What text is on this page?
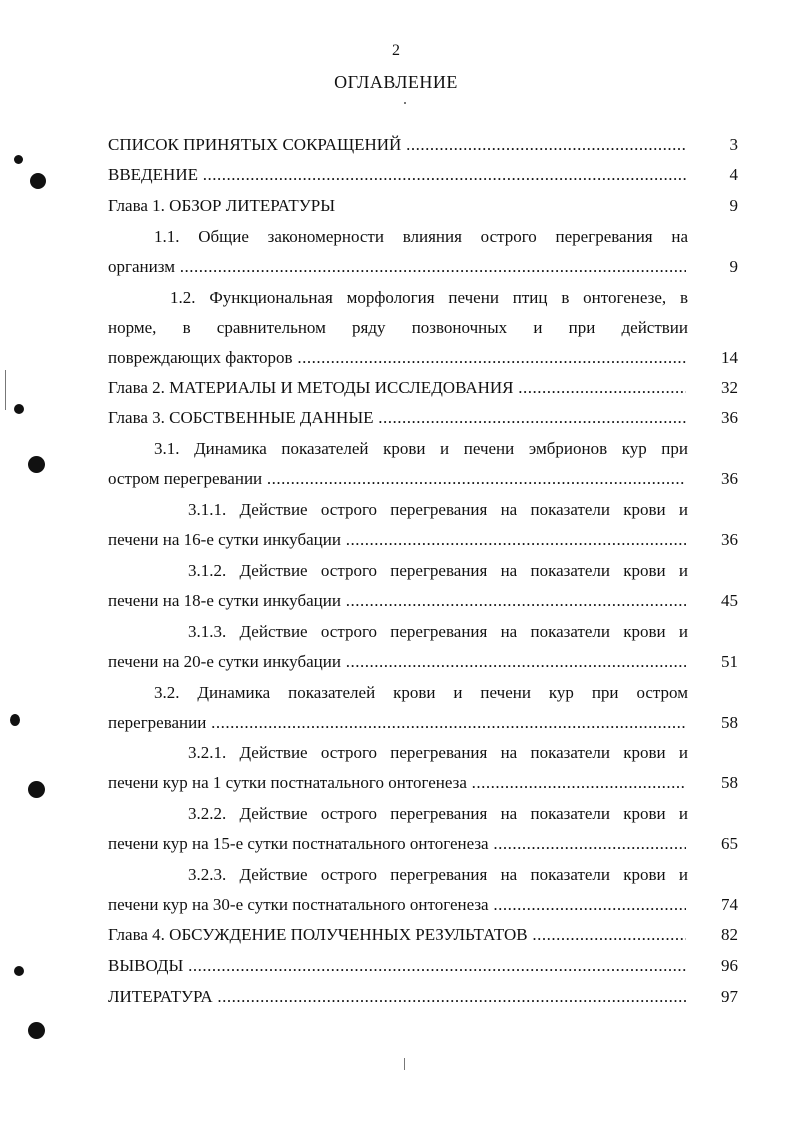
2
ОГЛАВЛЕНИЕ
СПИСОК ПРИНЯТЫХ СОКРАЩЕНИЙ .....	3
ВВЕДЕНИЕ .....	4
Глава 1. ОБЗОР ЛИТЕРАТУРЫ	9
1.1. Общие закономерности влияния острого перегревания на
организм .....	9
1.2. Функциональная морфология печени птиц в онтогенезе, в
норме, в сравнительном ряду позвоночных и при действии
повреждающих факторов .....	14
Глава 2. МАТЕРИАЛЫ И МЕТОДЫ ИССЛЕДОВАНИЯ .....	32
Глава 3. СОБСТВЕННЫЕ ДАННЫЕ .....	36
3.1. Динамика показателей крови и печени эмбрионов кур при
остром перегревании .....	36
3.1.1. Действие острого перегревания на показатели крови и
печени на 16-е сутки инкубации .....	36
3.1.2. Действие острого перегревания на показатели крови и
печени на 18-е сутки инкубации .....	45
3.1.3. Действие острого перегревания на показатели крови и
печени на 20-е сутки инкубации .....	51
3.2. Динамика показателей крови и печени кур при остром
перегревании .....	58
3.2.1. Действие острого перегревания на показатели крови и
печени кур на 1 сутки постнатального онтогенеза .....	58
3.2.2. Действие острого перегревания на показатели крови и
печени кур на 15-е сутки постнатального онтогенеза .....	65
3.2.3. Действие острого перегревания на показатели крови и
печени кур на 30-е сутки постнатального онтогенеза .....	74
Глава 4. ОБСУЖДЕНИЕ ПОЛУЧЕННЫХ РЕЗУЛЬТАТОВ .....	82
ВЫВОДЫ .....	96
ЛИТЕРАТУРА .....	97
